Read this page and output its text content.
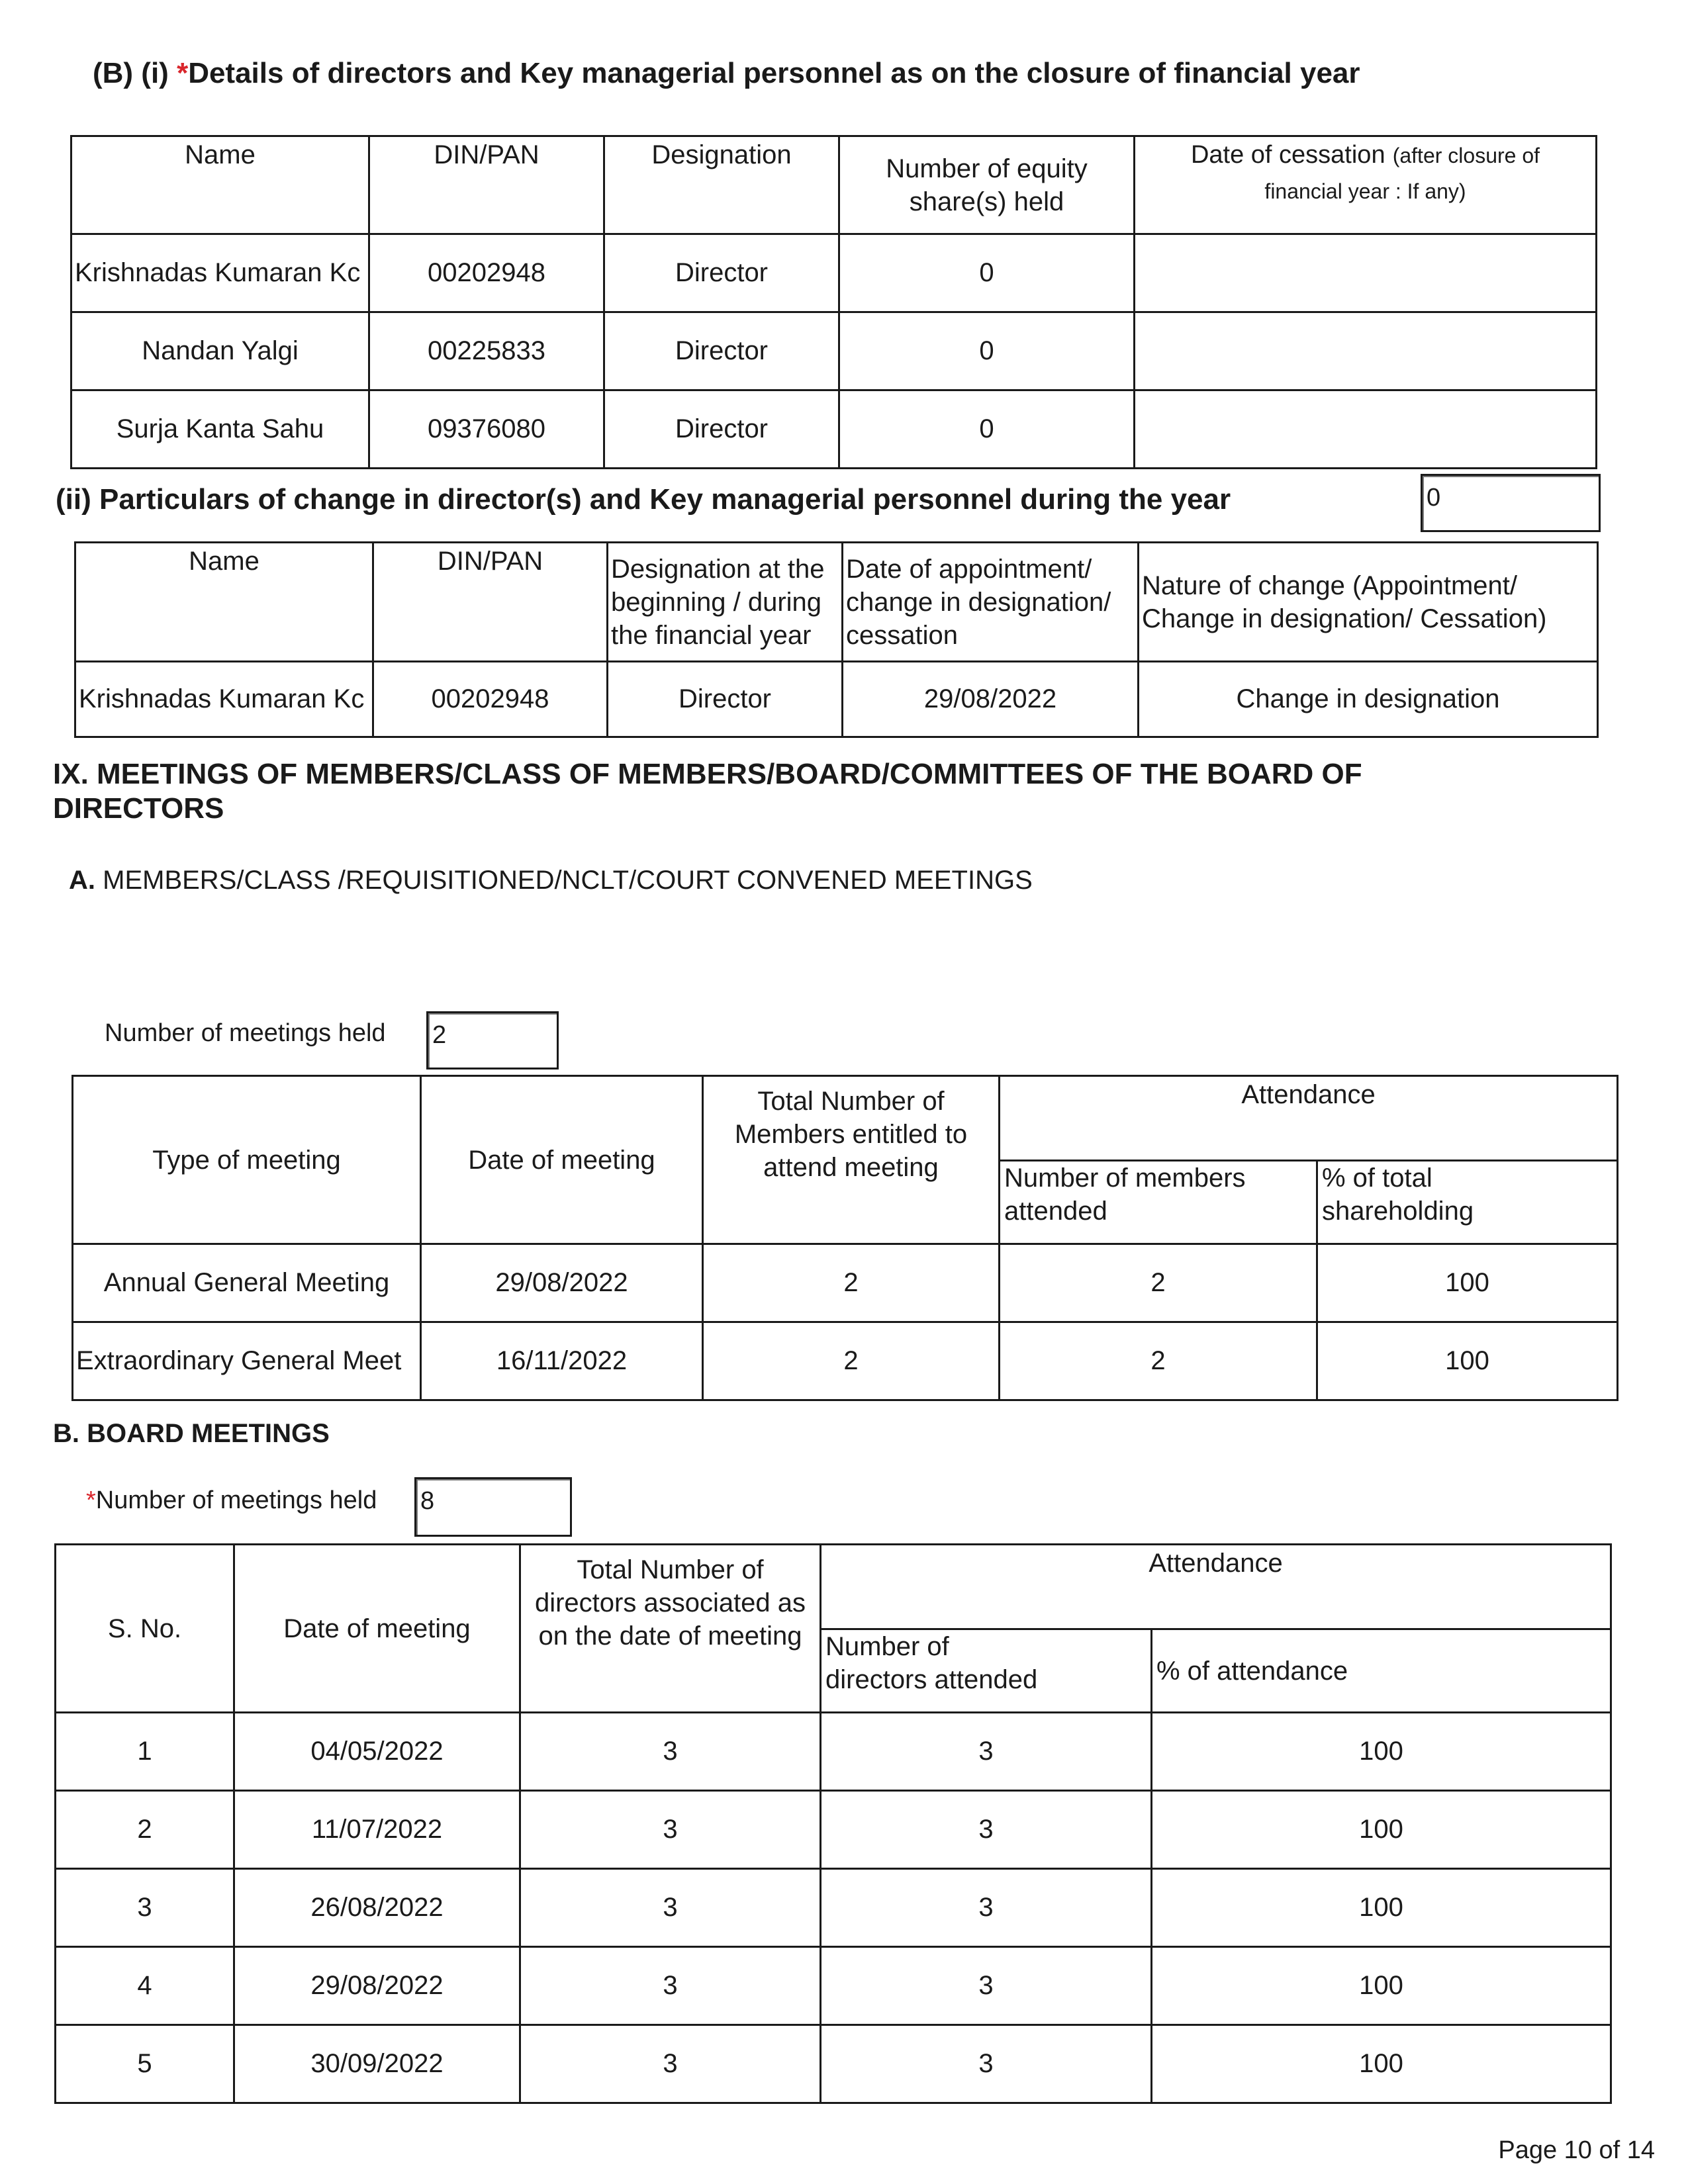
(B) (i) *Details of directors and Key managerial personnel as on the closure of financial year
Name	DIN/PAN	Designation	Number of equity share(s) held	Date of cessation (after closure of financial year : If any)
Krishnadas Kumaran Kc	00202948	Director	0	
Nandan Yalgi	00225833	Director	0	
Surja Kanta Sahu	09376080	Director	0	
(ii) Particulars of change in director(s) and Key managerial personnel during the year	0
Name	DIN/PAN	Designation at the beginning / during the financial year	Date of appointment/ change in designation/ cessation	Nature of change (Appointment/ Change in designation/ Cessation)
Krishnadas Kumaran Kc	00202948	Director	29/08/2022	Change in designation
IX. MEETINGS OF MEMBERS/CLASS OF MEMBERS/BOARD/COMMITTEES OF THE BOARD OF DIRECTORS
A. MEMBERS/CLASS /REQUISITIONED/NCLT/COURT CONVENED MEETINGS
Number of meetings held 2
Type of meeting	Date of meeting	Total Number of Members entitled to attend meeting	Attendance	
			Number of members attended	% of total shareholding
Annual General Meeting	29/08/2022	2	2	100
Extraordinary General Meet	16/11/2022	2	2	100
B. BOARD MEETINGS
*Number of meetings held 8
S. No.	Date of meeting	Total Number of directors associated as on the date of meeting	Attendance	
			Number of directors attended	% of attendance
1	04/05/2022	3	3	100
2	11/07/2022	3	3	100
3	26/08/2022	3	3	100
4	29/08/2022	3	3	100
5	30/09/2022	3	3	100
Page 10 of 14
